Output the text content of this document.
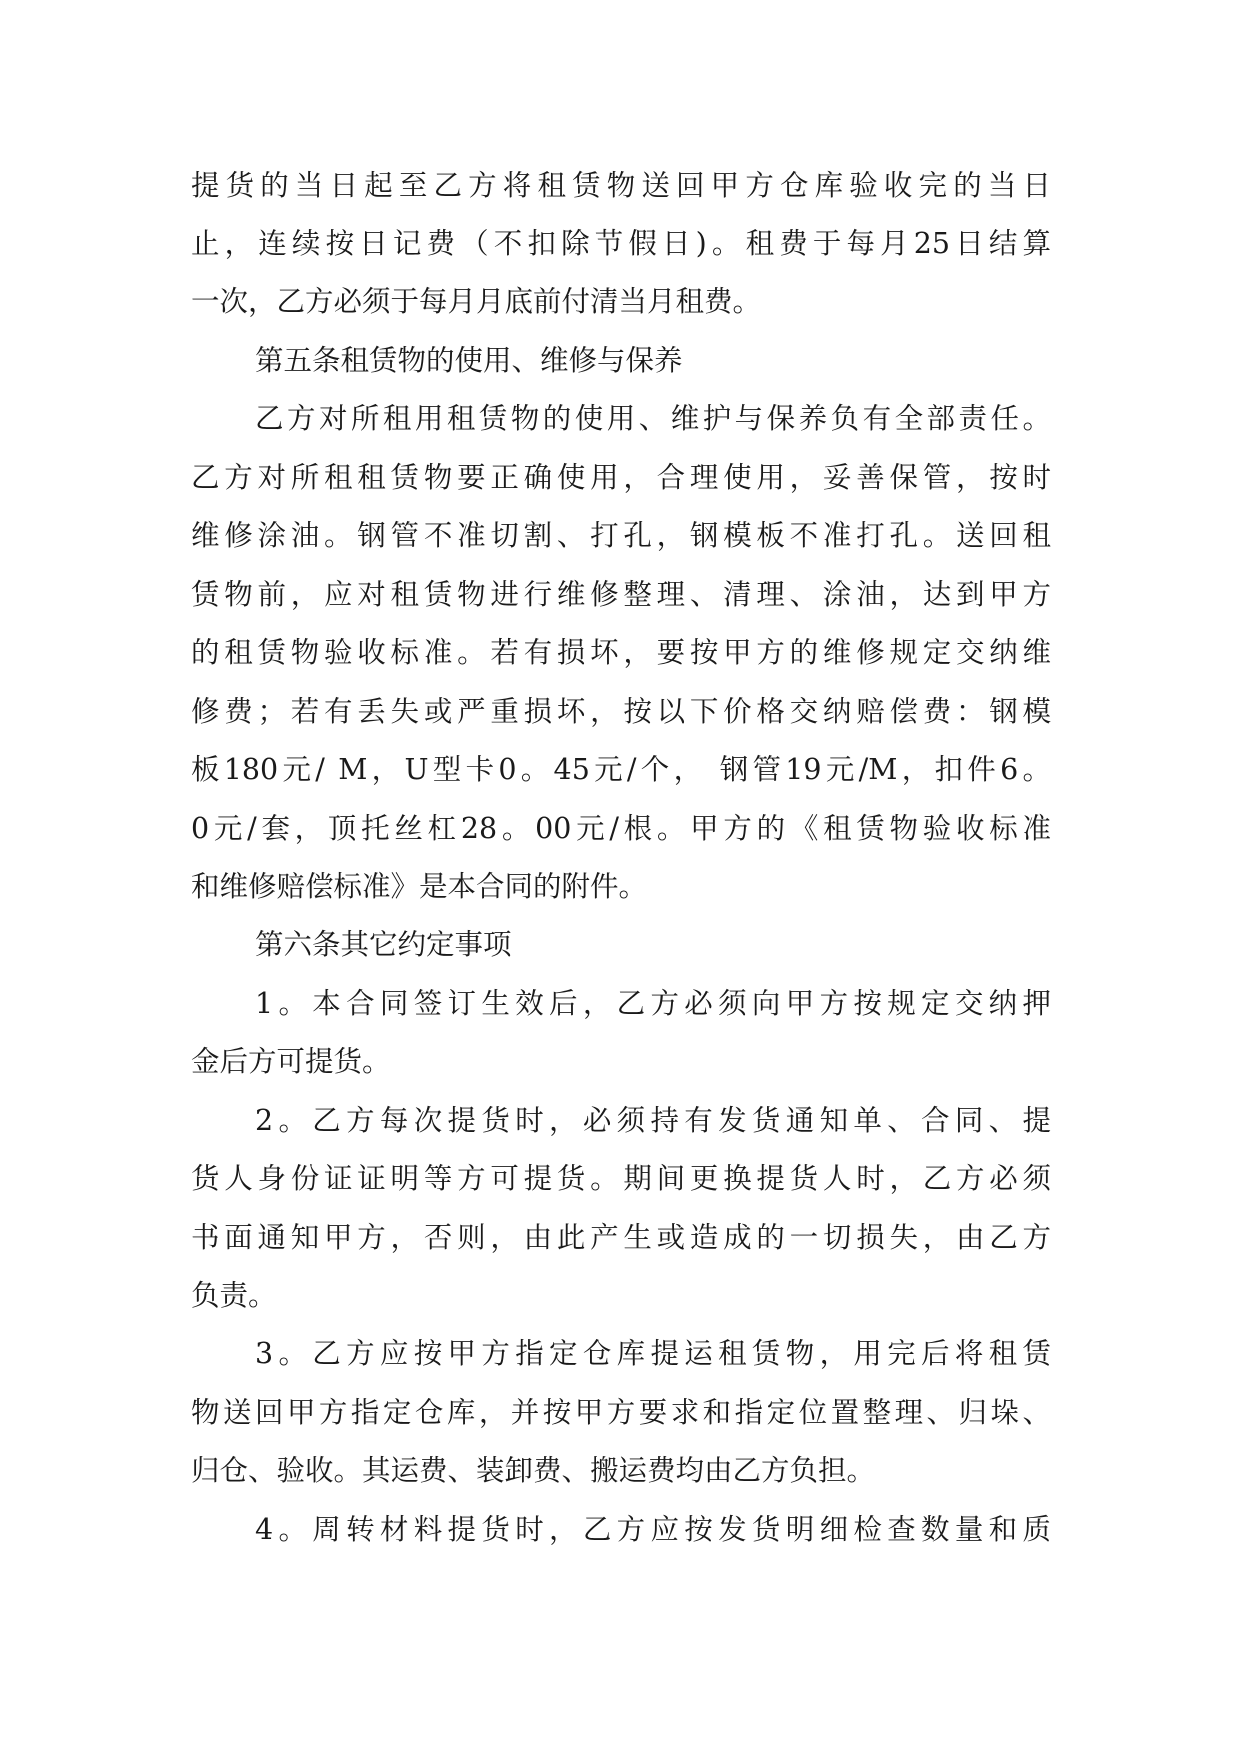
提货的当日起至乙方将租赁物送回甲方仓库验收完的当日
止，连续按日记费（不扣除节假日)。租费于每月25日结算
一次，乙方必须于每月月底前付清当月租费。
第五条租赁物的使用、维修与保养
乙方对所租用租赁物的使用、维护与保养负有全部责任。
乙方对所租租赁物要正确使用，合理使用，妥善保管，按时
维修涂油。钢管不准切割、打孔，钢模板不准打孔。送回租
赁物前，应对租赁物进行维修整理、清理、涂油，达到甲方
的租赁物验收标准。若有损坏，要按甲方的维修规定交纳维
修费；若有丢失或严重损坏，按以下价格交纳赔偿费：钢模
板180元/ M，U型卡0。45元/个， 钢管19元/M，扣件6。
0元/套，顶托丝杠28。00元/根。甲方的《租赁物验收标准
和维修赔偿标准》是本合同的附件。
第六条其它约定事项
1。本合同签订生效后，乙方必须向甲方按规定交纳押
金后方可提货。
2。乙方每次提货时，必须持有发货通知单、合同、提
货人身份证证明等方可提货。期间更换提货人时，乙方必须
书面通知甲方，否则，由此产生或造成的一切损失，由乙方
负责。
3。乙方应按甲方指定仓库提运租赁物，用完后将租赁
物送回甲方指定仓库，并按甲方要求和指定位置整理、归垛、
归仓、验收。其运费、装卸费、搬运费均由乙方负担。
4。周转材料提货时，乙方应按发货明细检查数量和质
